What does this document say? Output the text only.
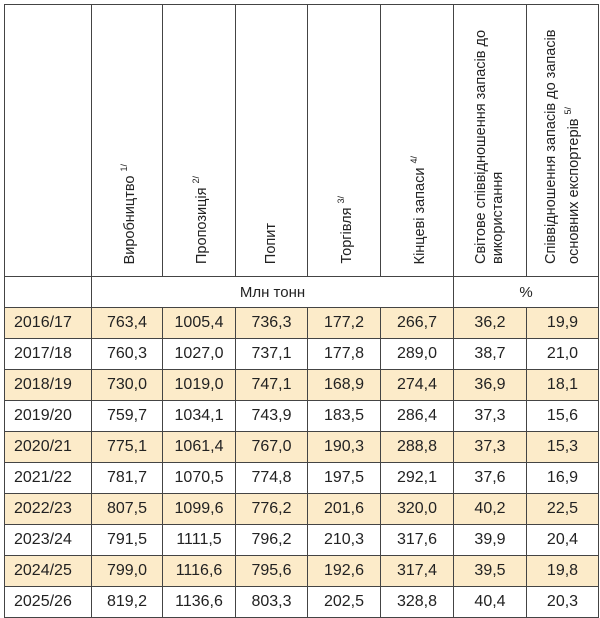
	Виробництво $^{1/}$	Пропозиція $^{2/}$	Попит	Торгівля $^{3/}$	Кінцеві запаси $^{4/}$	Світове співвідношення запасів до використання	Співвідношення запасів до запасів основних експортерів $^{5/}$

	Млн тонн					%	
2016/17	763,4	1005,4	736,3	177,2	266,7	36,2	19,9
2017/18	760,3	1027,0	737,1	177,8	289,0	38,7	21,0
2018/19	730,0	1019,0	747,1	168,9	274,4	36,9	18,1
2019/20	759,7	1034,1	743,9	183,5	286,4	37,3	15,6
2020/21	775,1	1061,4	767,0	190,3	288,8	37,3	15,3
2021/22	781,7	1070,5	774,8	197,5	292,1	37,6	16,9
2022/23	807,5	1099,6	776,2	201,6	320,0	40,2	22,5
2023/24	791,5	1111,5	796,2	210,3	317,6	39,9	20,4
2024/25	799,0	1116,6	795,6	192,6	317,4	39,5	19,8
2025/26	819,2	1136,6	803,3	202,5	328,8	40,4	20,3
